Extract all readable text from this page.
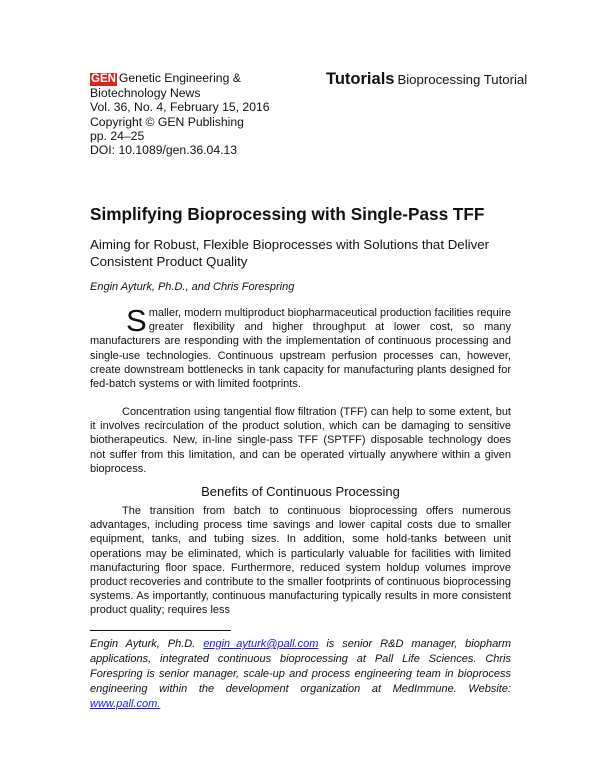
GEN Genetic Engineering &
Biotechnology News
Vol. 36, No. 4, February 15, 2016
Copyright © GEN Publishing
pp. 24–25
DOI: 10.1089/gen.36.04.13
Tutorials Bioprocessing Tutorial
Simplifying Bioprocessing with Single-Pass TFF
Aiming for Robust, Flexible Bioprocesses with Solutions that Deliver Consistent Product Quality
Engin Ayturk, Ph.D., and Chris Forespring
Smaller, modern multiproduct biopharmaceutical production facilities require greater flexibility and higher throughput at lower cost, so many manufacturers are responding with the implementation of continuous processing and single-use technologies. Continuous upstream perfusion processes can, however, create downstream bottlenecks in tank capacity for manufacturing plants designed for fed-batch systems or with limited footprints.
Concentration using tangential flow filtration (TFF) can help to some extent, but it involves recirculation of the product solution, which can be damaging to sensitive biotherapeutics. New, in-line single-pass TFF (SPTFF) disposable technology does not suffer from this limitation, and can be operated virtually anywhere within a given bioprocess.
Benefits of Continuous Processing
The transition from batch to continuous bioprocessing offers numerous advantages, including process time savings and lower capital costs due to smaller equipment, tanks, and tubing sizes. In addition, some hold-tanks between unit operations may be eliminated, which is particularly valuable for facilities with limited manufacturing floor space. Furthermore, reduced system holdup volumes improve product recoveries and contribute to the smaller footprints of continuous bioprocessing systems. As importantly, continuous manufacturing typically results in more consistent product quality; requires less
Engin Ayturk, Ph.D. engin_ayturk@pall.com is senior R&D manager, biopharm applications, integrated continuous bioprocessing at Pall Life Sciences. Chris Forespring is senior manager, scale-up and process engineering team in bioprocess engineering within the development organization at MedImmune. Website: www.pall.com.
